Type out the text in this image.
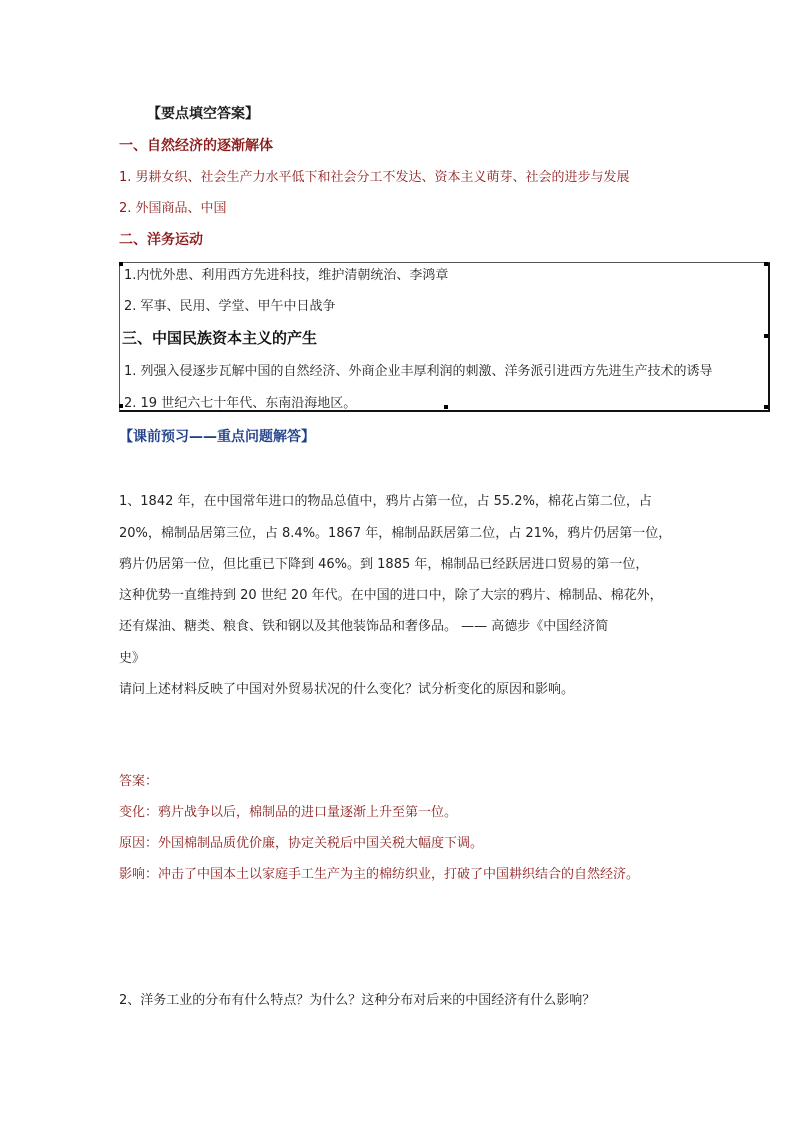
【要点填空答案】
一、自然经济的逐渐解体
1. 男耕女织、社会生产力水平低下和社会分工不发达、资本主义萌芽、社会的进步与发展
2. 外国商品、中国
二、洋务运动
1.内忧外患、利用西方先进科技，维护清朝统治、李鸿章
2. 军事、民用、学堂、甲午中日战争
三、中国民族资本主义的产生
1. 列强入侵逐步瓦解中国的自然经济、外商企业丰厚利润的刺激、洋务派引进西方先进生产技术的诱导
2. 19 世纪六七十年代、东南沿海地区。
【课前预习——重点问题解答】
1、1842 年，在中国常年进口的物品总值中，鸦片占第一位，占 55.2%，棉花占第二位，占
20%，棉制品居第三位，占 8.4%。1867 年，棉制品跃居第二位，占 21%，鸦片仍居第一位，
鸦片仍居第一位，但比重已下降到 46%。到 1885 年，棉制品已经跃居进口贸易的第一位，
这种优势一直维持到 20 世纪 20 年代。在中国的进口中，除了大宗的鸦片、棉制品、棉花外，
还有煤油、糖类、粮食、铁和钢以及其他装饰品和奢侈品。 —— 高德步《中国经济简
史》
请问上述材料反映了中国对外贸易状况的什么变化？试分析变化的原因和影响。
答案：
变化：鸦片战争以后，棉制品的进口量逐渐上升至第一位。
原因：外国棉制品质优价廉，协定关税后中国关税大幅度下调。
影响：冲击了中国本土以家庭手工生产为主的棉纺织业，打破了中国耕织结合的自然经济。
2、洋务工业的分布有什么特点？为什么？这种分布对后来的中国经济有什么影响？
